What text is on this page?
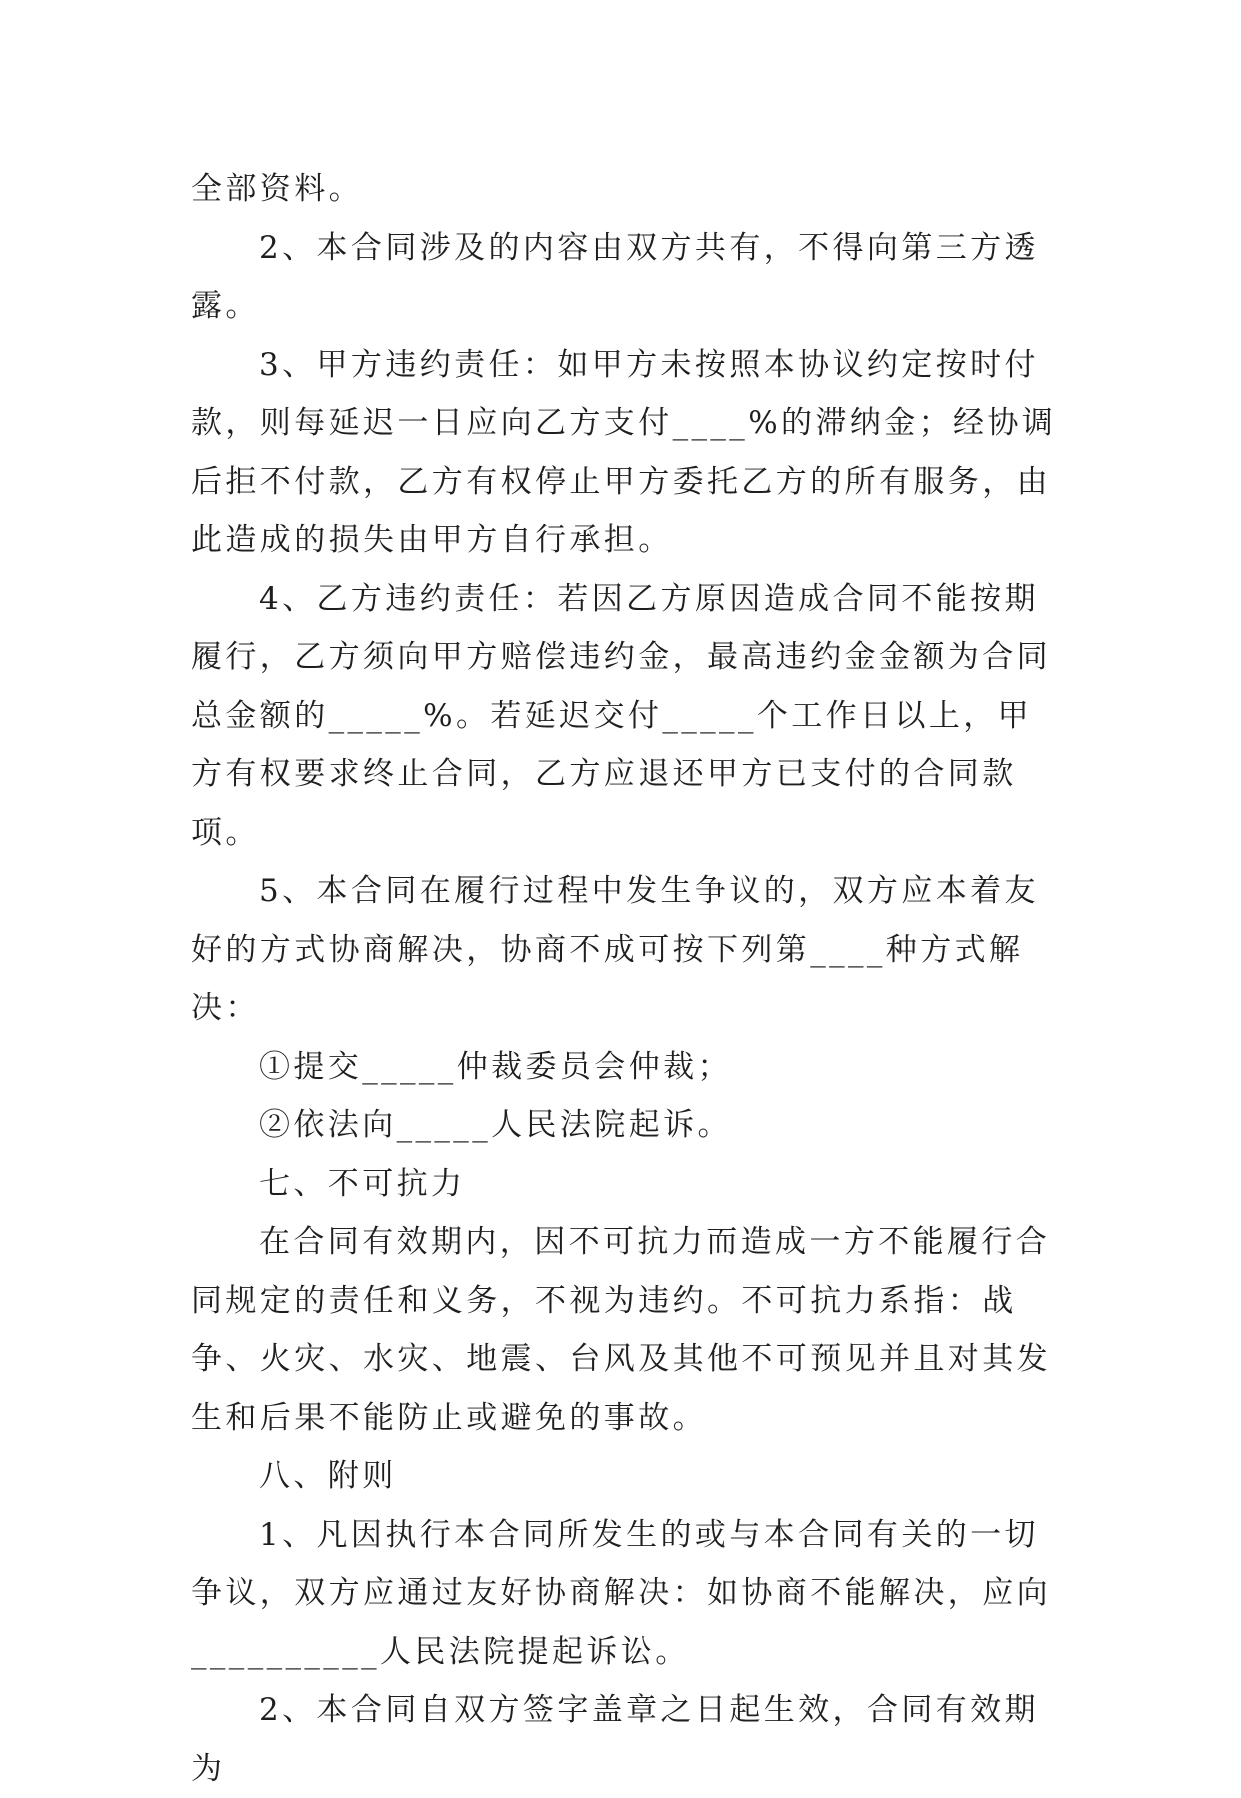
全部资料。

2、本合同涉及的内容由双方共有，不得向第三方透露。

3、甲方违约责任：如甲方未按照本协议约定按时付款，则每延迟一日应向乙方支付____%的滞纳金；经协调后拒不付款，乙方有权停止甲方委托乙方的所有服务，由此造成的损失由甲方自行承担。

4、乙方违约责任：若因乙方原因造成合同不能按期履行，乙方须向甲方赔偿违约金，最高违约金金额为合同总金额的_____%。若延迟交付_____个工作日以上，甲方有权要求终止合同，乙方应退还甲方已支付的合同款项。

5、本合同在履行过程中发生争议的，双方应本着友好的方式协商解决，协商不成可按下列第____种方式解决：

①提交_____仲裁委员会仲裁；

②依法向_____人民法院起诉。

七、不可抗力

在合同有效期内，因不可抗力而造成一方不能履行合同规定的责任和义务，不视为违约。不可抗力系指：战争、火灾、水灾、地震、台风及其他不可预见并且对其发生和后果不能防止或避免的事故。

八、附则

1、凡因执行本合同所发生的或与本合同有关的一切争议，双方应通过友好协商解决：如协商不能解决，应向__________人民法院提起诉讼。

2、本合同自双方签字盖章之日起生效，合同有效期为
